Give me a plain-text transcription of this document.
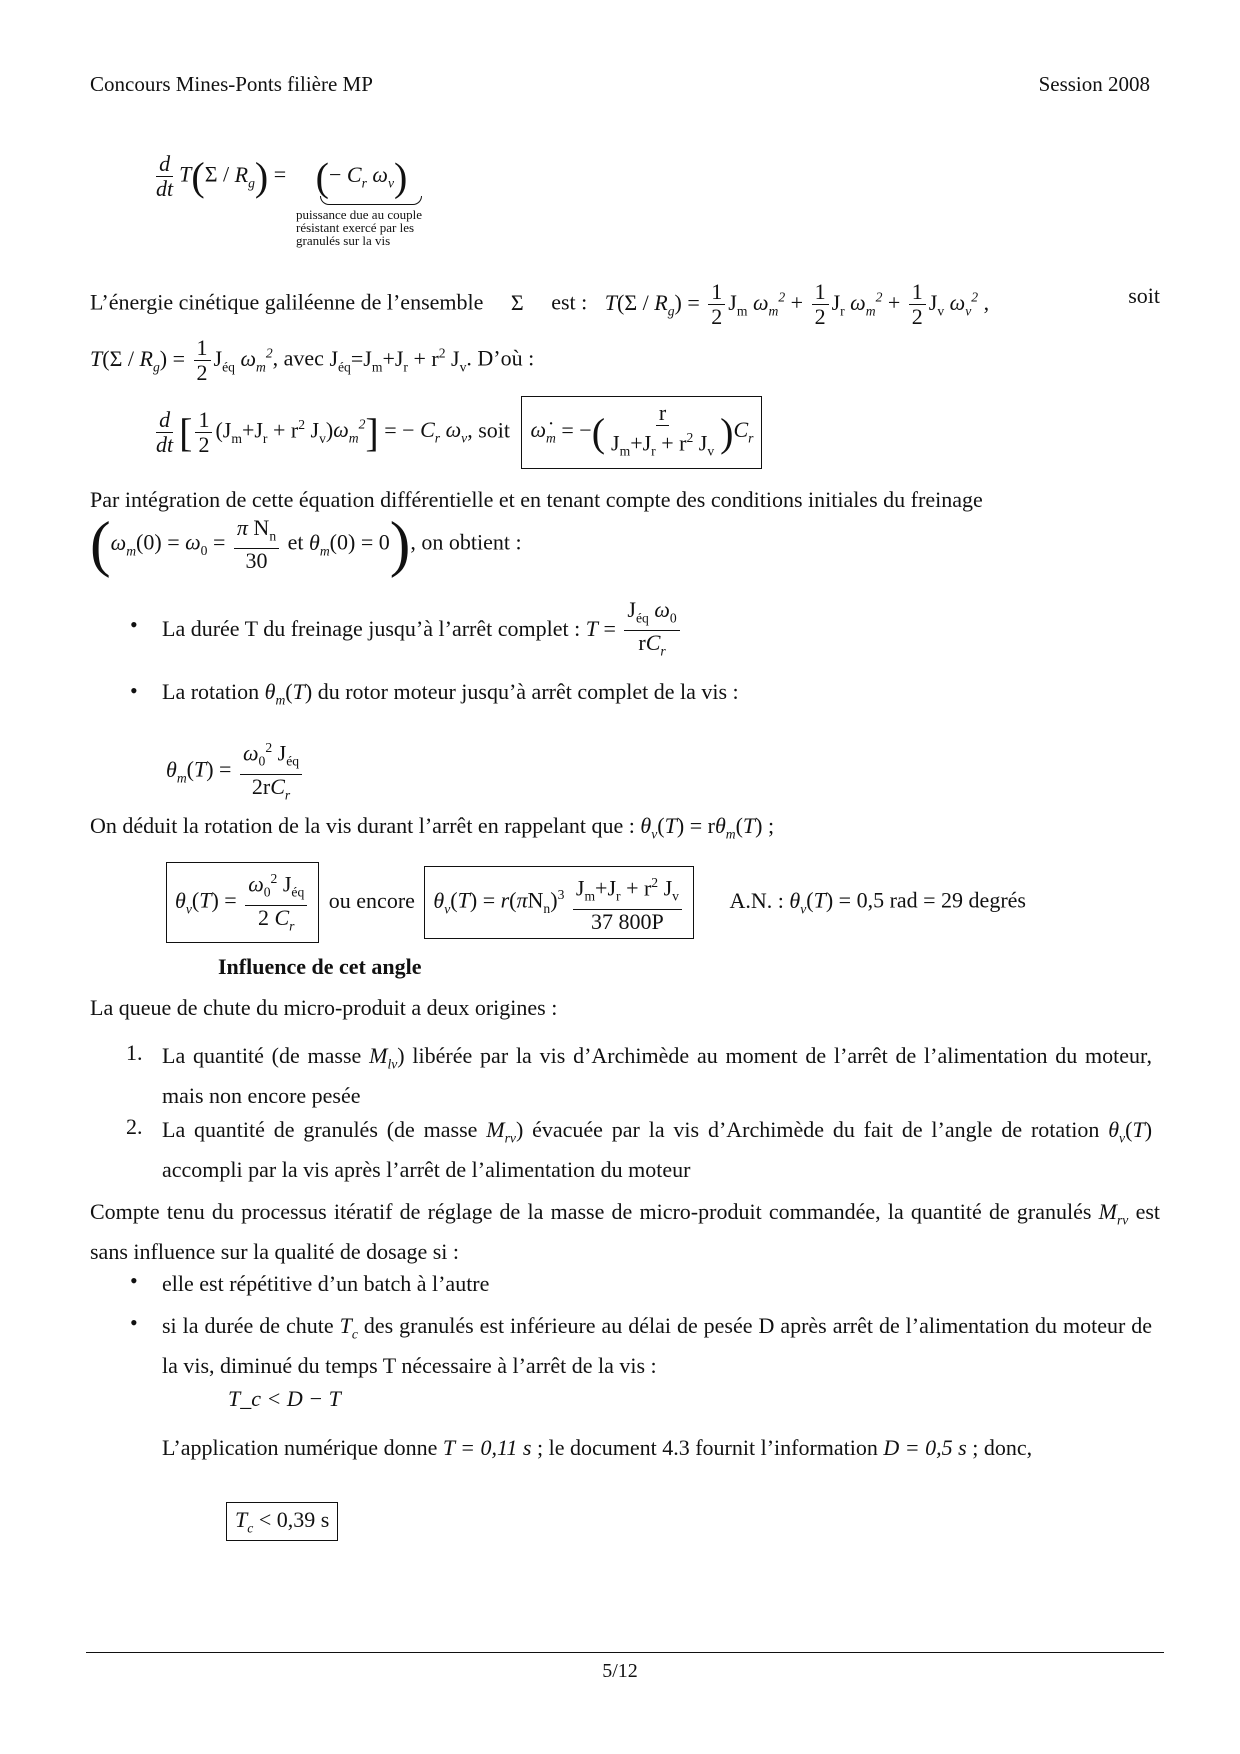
Concours Mines-Ponts filière MP	Session 2008
$\frac{d}{dt} T(\Sigma / R_g)$ = (− $C_r$ $\omega_v$)
puissance due au couple
résistant exercé par les
granulés sur la vis
L’énergie cinétique galiléenne de l’ensemble Σ est : $T(\Sigma / R_g) = \frac{1}{2} J_m$ $\omega_m^2 + \frac{1}{2} J_r$ $\omega_m^2 + \frac{1}{2} J_v$ $\omega_v^2$ ,	soit
$T(\Sigma / R_g) = \frac{1}{2} J_{éq}$ $\omega_m^2$, avec $J_{éq}=J_m+J_r + r^2$ $J_v$. D’où :
$\frac{d}{dt}$ [ $\frac{1}{2} (J_m+J_r + r^2$ $J_v)\omega_m^2$] = − $C_r$ $\omega_v$, soit $\omegȧ_m$ = −( $\frac{r}{J_m+J_r + r^2 J_v} )C_r$
Par intégration de cette équation différentielle et en tenant compte des conditions initiales du freinage
($\omega_m(0) = \omega_0 = \frac{\pi N_n}{30}$ et $\theta_m(0) = 0$), on obtient :
• La durée T du freinage jusqu’à l’arrêt complet : $T = \frac{J_{éq} \omega_0}{rC_r}$
• La rotation $\theta_m(T)$ du rotor moteur jusqu’à arrêt complet de la vis :
$\theta_m(T) = \frac{\omega_0^2 J_{éq}}{2rC_r}$
On déduit la rotation de la vis durant l’arrêt en rappelant que : $\theta_v(T) = r\theta_m(T)$ ;
$\theta_v(T) = \frac{\omega_0^2 J_{éq}}{2 C_r}$ ou encore $\theta_v(T) = r(\pi N_n)^3 \frac{J_m+J_r + r^2 J_v}{37 800P} A.N$. : $\theta_v(T) = 0,5$ rad = 29 degrés
Influence de cet angle
La queue de chute du micro-produit a deux origines :
1. La quantité (de masse $M_{lv}$) libérée par la vis d’Archimède au moment de l’arrêt de l’alimentation du moteur, mais non encore pesée
2. La quantité de granulés (de masse $M_{rv}$) évacuée par la vis d’Archimède du fait de l’angle de rotation $\theta_v(T)$ accompli par la vis après l’arrêt de l’alimentation du moteur
Compte tenu du processus itératif de réglage de la masse de micro-produit commandée, la quantité de granulés $M_{rv}$ est sans influence sur la qualité de dosage si :
• elle est répétitive d’un batch à l’autre
• si la durée de chute $T_c$ des granulés est inférieure au délai de pesée D après arrêt de l’alimentation du moteur de la vis, diminué du temps T nécessaire à l’arrêt de la vis :
T_c < D − T
L’application numérique donne T = 0,11 s ; le document 4.3 fournit l’information D = 0,5 s ; donc,
$T_c < 0,39$ s
5/12
